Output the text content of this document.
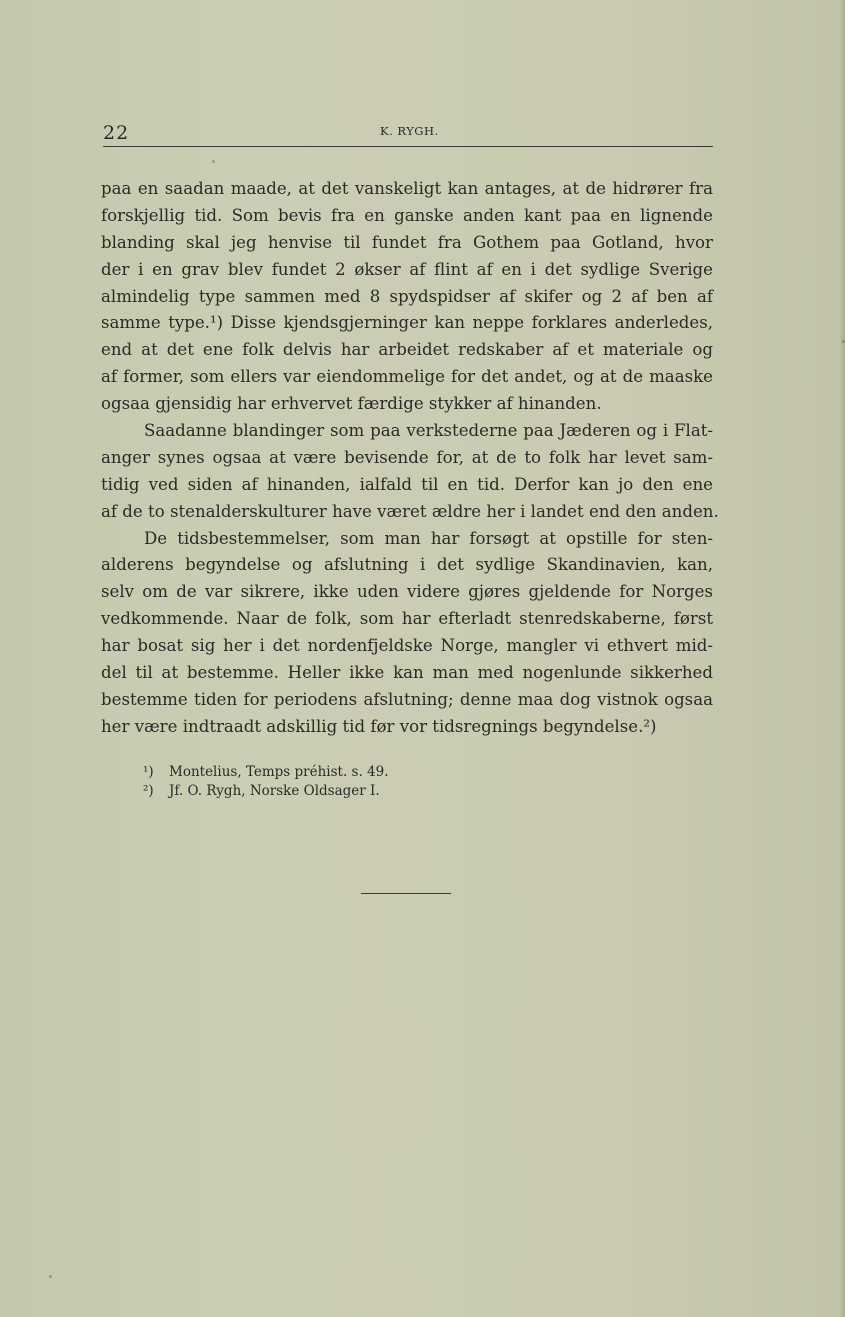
22	K. RYGH.
paa en saadan maade, at det vanskeligt kan antages, at de hidrører fra
forskjellig tid. Som bevis fra en ganske anden kant paa en lignende
blanding skal jeg henvise til fundet fra Gothem paa Gotland, hvor
der i en grav blev fundet 2 økser af flint af en i det sydlige Sverige
almindelig type sammen med 8 spydspidser af skifer og 2 af ben af
samme type.¹) Disse kjendsgjerninger kan neppe forklares anderledes,
end at det ene folk delvis har arbeidet redskaber af et materiale og
af former, som ellers var eiendommelige for det andet, og at de maaske
ogsaa gjensidig har erhvervet færdige stykker af hinanden.
Saadanne blandinger som paa verkstederne paa Jæderen og i Flat-
anger synes ogsaa at være bevisende for, at de to folk har levet sam-
tidig ved siden af hinanden, ialfald til en tid. Derfor kan jo den ene
af de to stenalderskulturer have været ældre her i landet end den anden.
De tidsbestemmelser, som man har forsøgt at opstille for sten-
alderens begyndelse og afslutning i det sydlige Skandinavien, kan,
selv om de var sikrere, ikke uden videre gjøres gjeldende for Norges
vedkommende. Naar de folk, som har efterladt stenredskaberne, først
har bosat sig her i det nordenfjeldske Norge, mangler vi ethvert mid-
del til at bestemme. Heller ikke kan man med nogenlunde sikkerhed
bestemme tiden for periodens afslutning; denne maa dog vistnok ogsaa
her være indtraadt adskillig tid før vor tidsregnings begyndelse.²)
¹) Montelius, Temps préhist. s. 49.
²) Jf. O. Rygh, Norske Oldsager I.
